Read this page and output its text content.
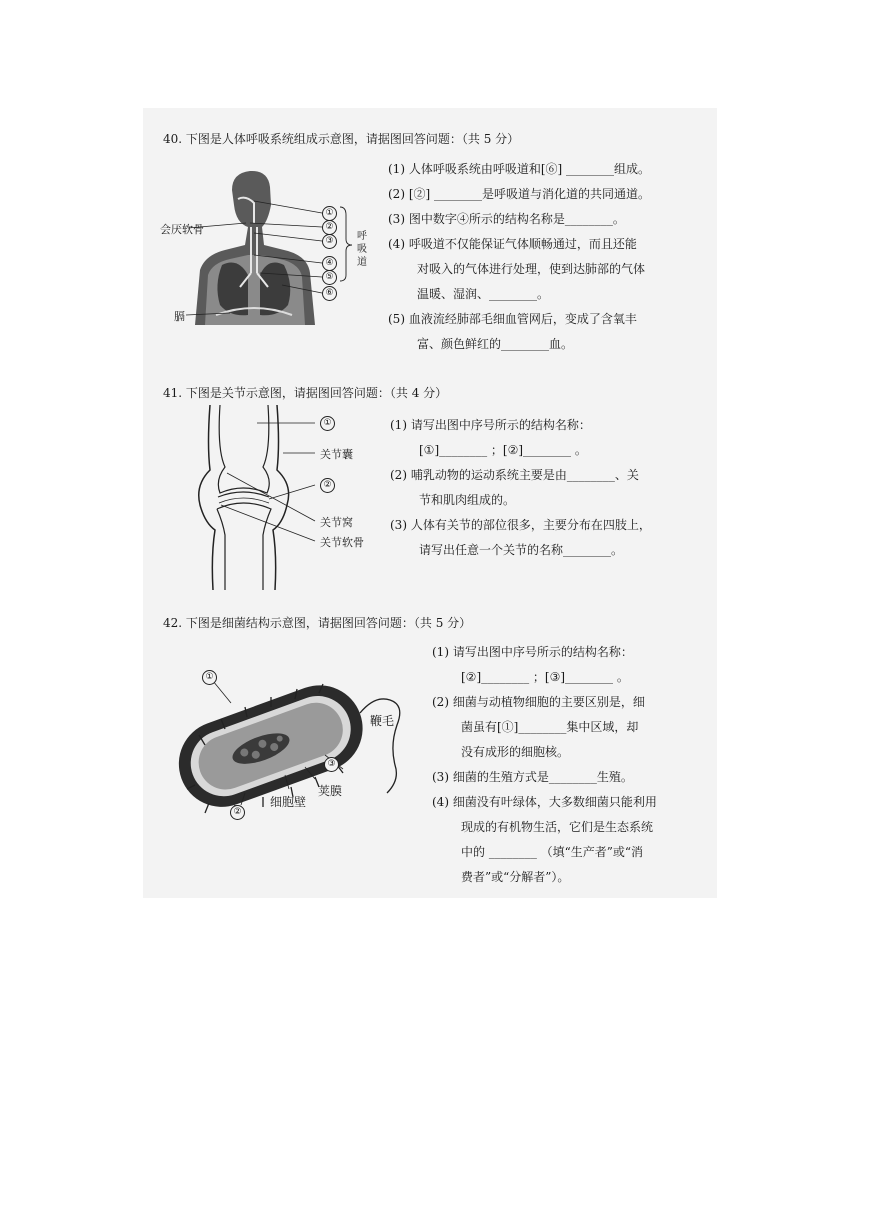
40. 下图是人体呼吸系统组成示意图，请据图回答问题：（共 5 分）
①
②
③
④
⑤
⑥
呼吸道
会厌软骨
膈

(1) 人体呼吸系统由呼吸道和[⑥] ________组成。

(2) [②] ________是呼吸道与消化道的共同通道。

(3) 图中数字④所示的结构名称是________。

(4) 呼吸道不仅能保证气体顺畅通过，而且还能

对吸入的气体进行处理，使到达肺部的气体

温暖、湿润、________。

(5) 血液流经肺部毛细血管网后，变成了含氧丰

富、颜色鲜红的________血。

41. 下图是关节示意图，请据图回答问题：（共 4 分）
①
关节囊
②
关节窝
关节软骨

(1) 请写出图中序号所示的结构名称：

[①]________ ；[②]________ 。

(2) 哺乳动物的运动系统主要是由________、关

节和肌肉组成的。

(3) 人体有关节的部位很多，主要分布在四肢上，

请写出任意一个关节的名称________。

42. 下图是细菌结构示意图，请据图回答问题：（共 5 分）
①
鞭毛
③
荚膜
细胞壁
②

(1) 请写出图中序号所示的结构名称：

[②]________ ；[③]________ 。

(2) 细菌与动植物细胞的主要区别是，细

菌虽有[①]________集中区域，却

没有成形的细胞核。

(3) 细菌的生殖方式是________生殖。

(4) 细菌没有叶绿体，大多数细菌只能利用

现成的有机物生活，它们是生态系统

中的 ________ （填“生产者”或“消

费者”或“分解者”）。
